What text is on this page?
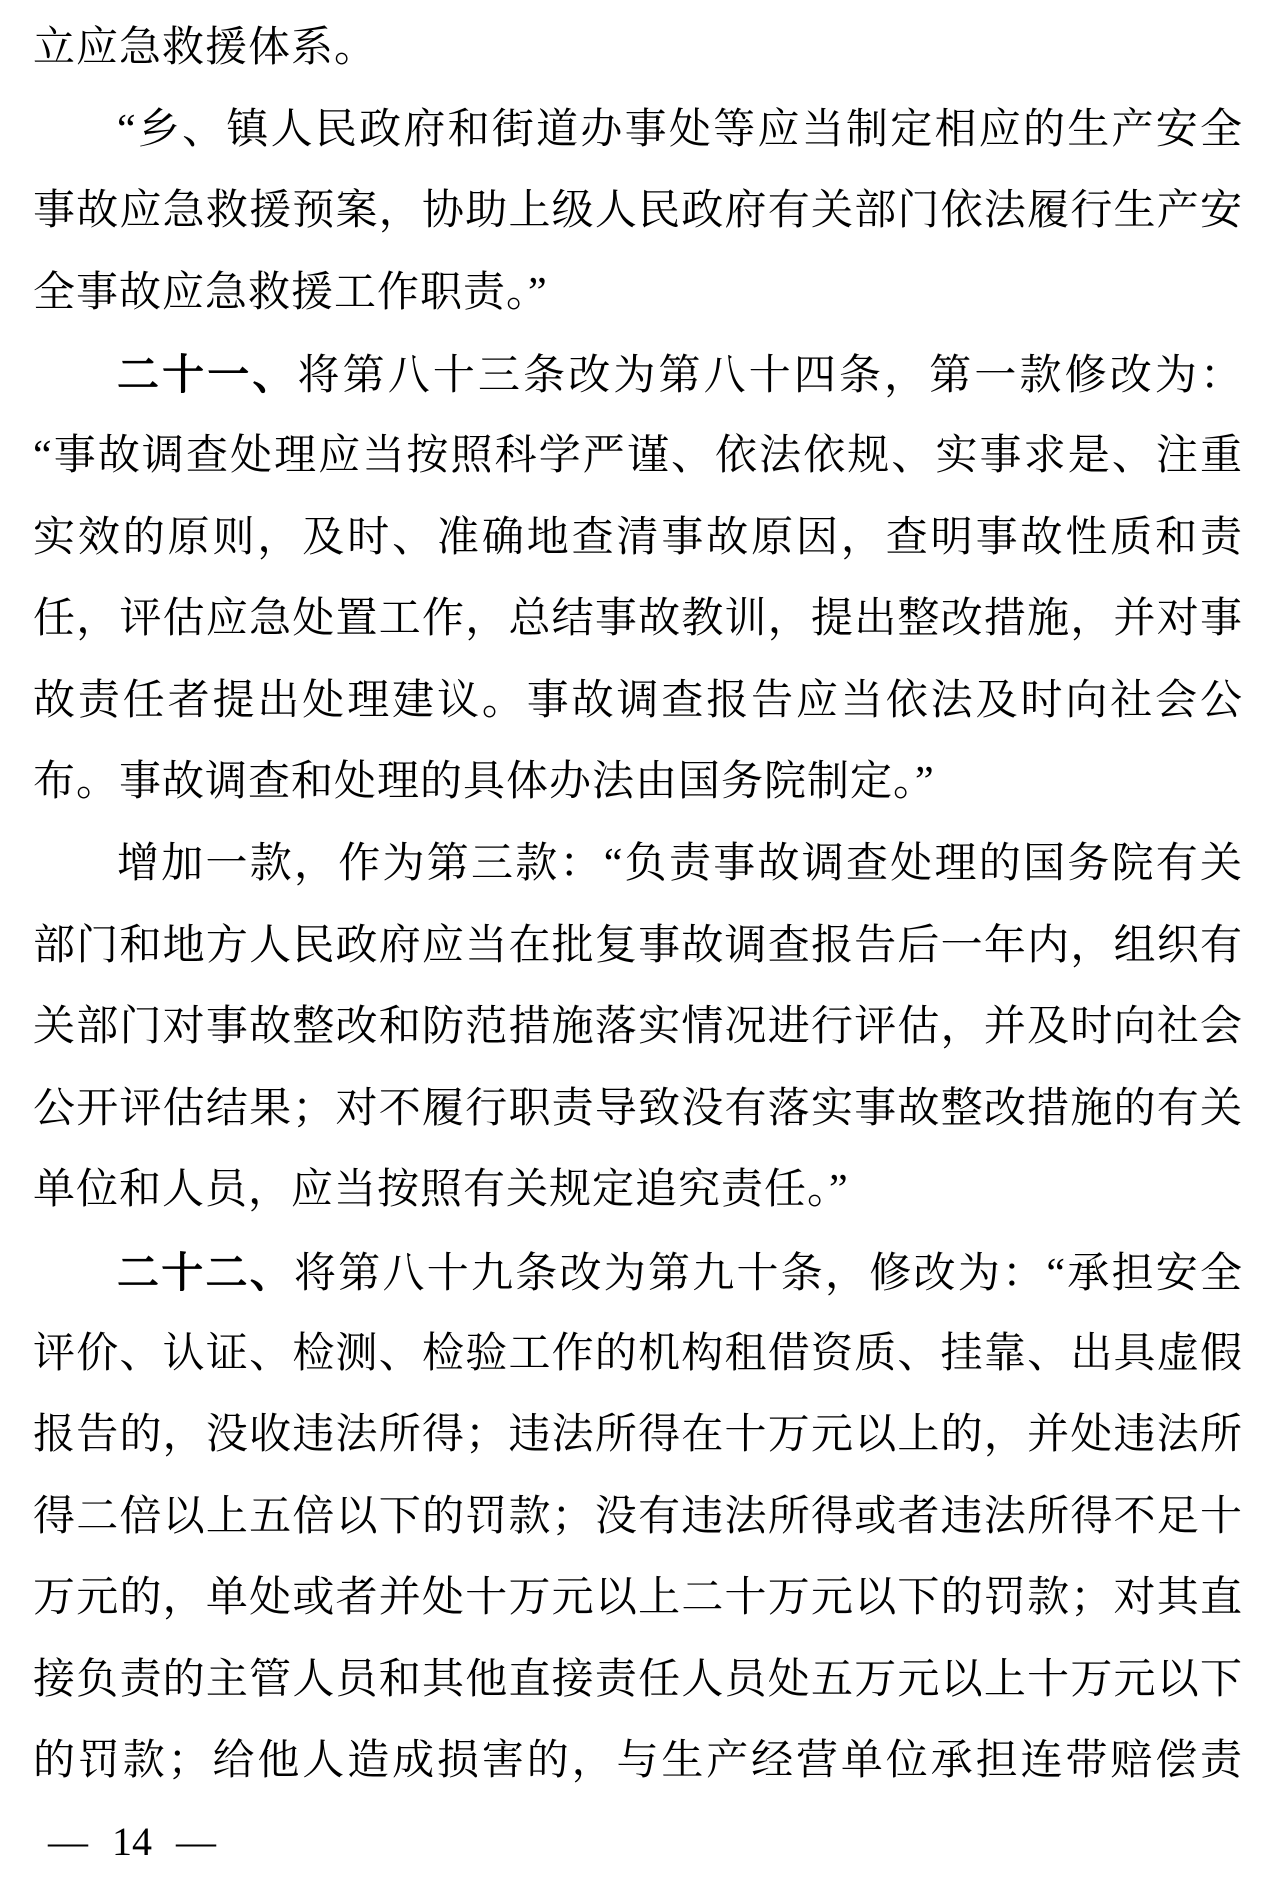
立应急救援体系。
“乡、镇人民政府和街道办事处等应当制定相应的生产安全
事故应急救援预案，协助上级人民政府有关部门依法履行生产安
全事故应急救援工作职责。”
二十一、将第八十三条改为第八十四条，第一款修改为：
“事故调查处理应当按照科学严谨、依法依规、实事求是、注重
实效的原则，及时、准确地查清事故原因，查明事故性质和责
任，评估应急处置工作，总结事故教训，提出整改措施，并对事
故责任者提出处理建议。事故调查报告应当依法及时向社会公
布。事故调查和处理的具体办法由国务院制定。”
增加一款，作为第三款：“负责事故调查处理的国务院有关
部门和地方人民政府应当在批复事故调查报告后一年内，组织有
关部门对事故整改和防范措施落实情况进行评估，并及时向社会
公开评估结果；对不履行职责导致没有落实事故整改措施的有关
单位和人员，应当按照有关规定追究责任。”
二十二、将第八十九条改为第九十条，修改为：“承担安全
评价、认证、检测、检验工作的机构租借资质、挂靠、出具虚假
报告的，没收违法所得；违法所得在十万元以上的，并处违法所
得二倍以上五倍以下的罚款；没有违法所得或者违法所得不足十
万元的，单处或者并处十万元以上二十万元以下的罚款；对其直
接负责的主管人员和其他直接责任人员处五万元以上十万元以下
的罚款；给他人造成损害的，与生产经营单位承担连带赔偿责
— 14 —
